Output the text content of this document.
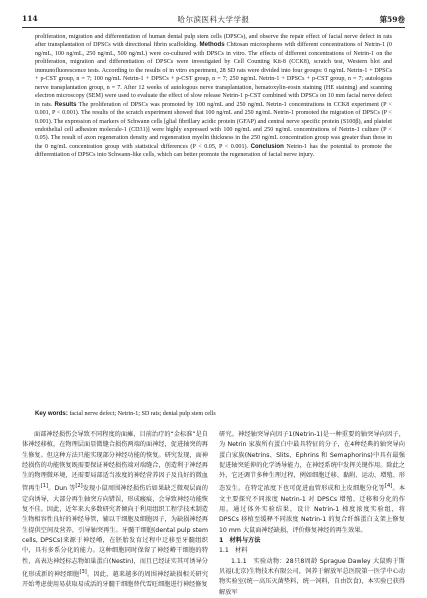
114	哈尔滨医科大学学报	第59卷

proliferation, migration and differentiation of human dental pulp stem cells (DPSCs), and observe the repair effect of facial nerve defect in rats after transplantation of DPSCs with directional fibrin scaffolding. Methods Chitosan microspheres with different concentrations of Netrin-1 (0 ng/mL, 100 ng/mL, 250 ng/mL, 500 ng/mL) were co-cultured with DPSCs in vitro. The effects of different concentrations of Netrin-1 on the proliferation, migration and differentiation of DPSCs were investigated by Cell Counting Kit-8 (CCK8), scratch test, Western blot and immunofluorescence tests. According to the results of in vitro experiment, 28 SD rats were divided into four groups: 0 ng/mL Netrin-1 + DPSCs + p-CST group, n = 7; 100 ng/mL Netrin-1 + DPSCs + p-CST group, n = 7; 250 ng/mL Netrin-1 + DPSCs + p-CST group, n = 7; autologous nerve transplantation group, n = 7. After 12 weeks of autologous nerve transplantation, hematoxylin-eosin staining (HE staining) and scanning electron microscopy (SEM) were used to evaluate the effect of slow release Netrin-1 p-CST combined with DPSCs on 10 mm facial nerve defect in rats. Results The proliferation of DPSCs was promoted by 100 ng/mL and 250 ng/mL Netrin-1 concentrations in CCK8 experiment (P < 0.001, P < 0.001). The results of the scratch experiment showed that 100 ng/mL and 250 ng/mL Netrin-1 promoted the migration of DPSCs (P < 0.001). The expression of markers of Schwann cells [glial fibrillary acidic protein (GFAP) and central nerve specific protein (S100β), and platelet endothelial cell adhesion molecule-1 (CD31)] were highly expressed with 100 ng/mL and 250 ng/mL concentrations of Netrin-1 culture (P < 0.05). The result of axon regeneration density and regeneration myelin thickness in the 250 ng/mL concentration group was greater than those in the 0 ng/mL concentration group with statistical differences (P < 0.05, P < 0.001). Conclusion Netrin-1 has the potential to promote the differentiation of DPSCs into Schwann-like cells, which can better promote the regeneration of facial nerve injury.

Key words: facial nerve defect; Netrin-1; SD rats; dental pulp stem cells

面部神经损伤会导致不同程度的面瘫，目前治疗的“金标准”是自体神经移植，在物理层面显微缝合损伤两端的面神经，促进轴突的再生修复。但这种方法只能实现部分神经功能的恢复。研究发现，面神经损伤的功能恢复既需要保证神经损伤端对端缝合，创造利于神经再生的物理微环境，还需要局部适当浓度的神经营养因子及良好的微血管再生[1]。Dun 等[2]发现小鼠周围神经损伤后如果缺乏微观层面的定向诱导，大部分再生轴突方向错误，形成瘢痕，会导致神经功能恢复不佳。因此，近年来大多数研究者倾向于利用组织工程学技术制造生物相容性良好的神经导管，辅以干细胞及细胞因子，为缺损神经再生提供空间及营养，引导轴突再生。牙髓干细胞(dental pulp stem cells, DPSCs)来源于神经嵴，在胚胎发育过程中迁移至牙髓组织中，具有多系分化的能力。这种细胞同时保留了神经嵴干细胞的特性，高表达神经标志物如巢蛋白(Nestin)，而且已经证实其可诱导分化形成新的神经细胞[3]。因此，越来越多的周围神经缺损相关研究开始考虑使用易获取易成活的牙髓干细胞替代雪旺细胞进行神经修复

研究。神经轴突导向因子1(Netrin-1)是一种重要的轴突导向因子，为 Netrin 家族所有蛋白中最具特征的分子，在4种经典的轴突导向蛋白家族(Netrins、Slits、Ephrins 和 Semaphorins)中具有最强促进轴突延伸的化学诱导能力，在神经系统中发挥关键作用。除此之外，它还调节多种生理过程，例如细胞迁移、黏附、运动、增殖、形态发生。在特定浓度下也可促进血管形成和上皮细胞分化等[4]。本文主要探究不同浓度 Netrin-1 对 DPSCs 增殖、迁移和分化的作用。通过体外实验结果，设计 Netrin-1 梯度浓度实验组，将 DPSCs 移植至缓释不同浓度 Netrin-1 的复合纤维蛋白支架上修复10 mm 大鼠面神经缺损，评价修复神经的再生效果。

1　材料与方法

1.1　材料

1.1.1　实验动物：28只8周龄 Sprague Dawley 大鼠购于斯贝福(北京)生物技术有限公司，饲养于解放军总医院第一医学中心动物实验室(统一高压灭菌垫料，统一饲料，自由饮食)，本实验已获得解放军
